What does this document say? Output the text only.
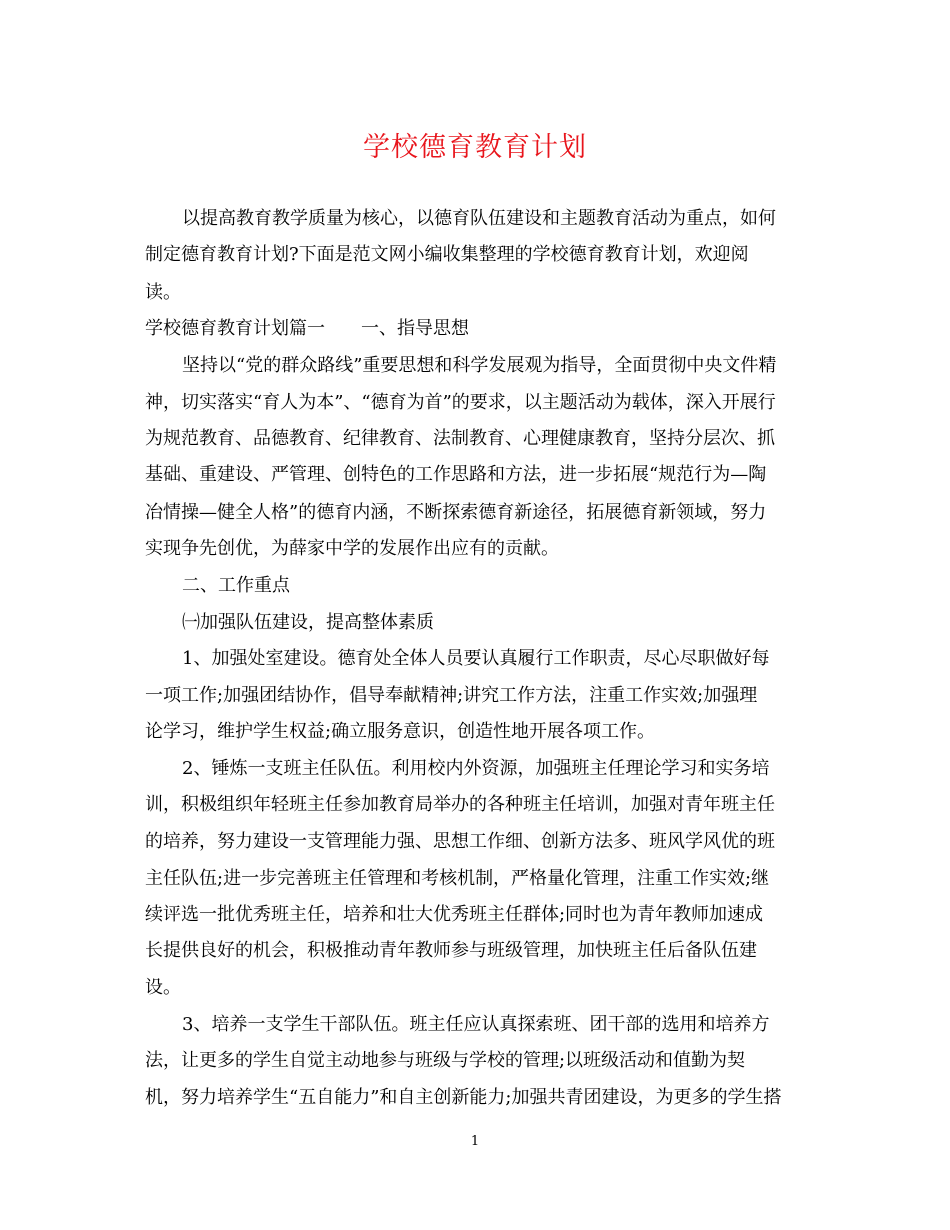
学校德育教育计划
以提高教育教学质量为核心，以德育队伍建设和主题教育活动为重点，如何
制定德育教育计划?下面是范文网小编收集整理的学校德育教育计划，欢迎阅
读。
学校德育教育计划篇一　　一、指导思想
坚持以“党的群众路线”重要思想和科学发展观为指导，全面贯彻中央文件精
神，切实落实“育人为本”、“德育为首”的要求，以主题活动为载体，深入开展行
为规范教育、品德教育、纪律教育、法制教育、心理健康教育，坚持分层次、抓
基础、重建设、严管理、创特色的工作思路和方法，进一步拓展“规范行为—陶
冶情操—健全人格”的德育内涵，不断探索德育新途径，拓展德育新领域，努力
实现争先创优，为薛家中学的发展作出应有的贡献。
二、工作重点
㈠加强队伍建设，提高整体素质
1、加强处室建设。德育处全体人员要认真履行工作职责，尽心尽职做好每
一项工作;加强团结协作，倡导奉献精神;讲究工作方法，注重工作实效;加强理
论学习，维护学生权益;确立服务意识，创造性地开展各项工作。
2、锤炼一支班主任队伍。利用校内外资源，加强班主任理论学习和实务培
训，积极组织年轻班主任参加教育局举办的各种班主任培训，加强对青年班主任
的培养，努力建设一支管理能力强、思想工作细、创新方法多、班风学风优的班
主任队伍;进一步完善班主任管理和考核机制，严格量化管理，注重工作实效;继
续评选一批优秀班主任，培养和壮大优秀班主任群体;同时也为青年教师加速成
长提供良好的机会，积极推动青年教师参与班级管理，加快班主任后备队伍建
设。
3、培养一支学生干部队伍。班主任应认真探索班、团干部的选用和培养方
法，让更多的学生自觉主动地参与班级与学校的管理;以班级活动和值勤为契
机，努力培养学生“五自能力”和自主创新能力;加强共青团建设，为更多的学生搭
1
